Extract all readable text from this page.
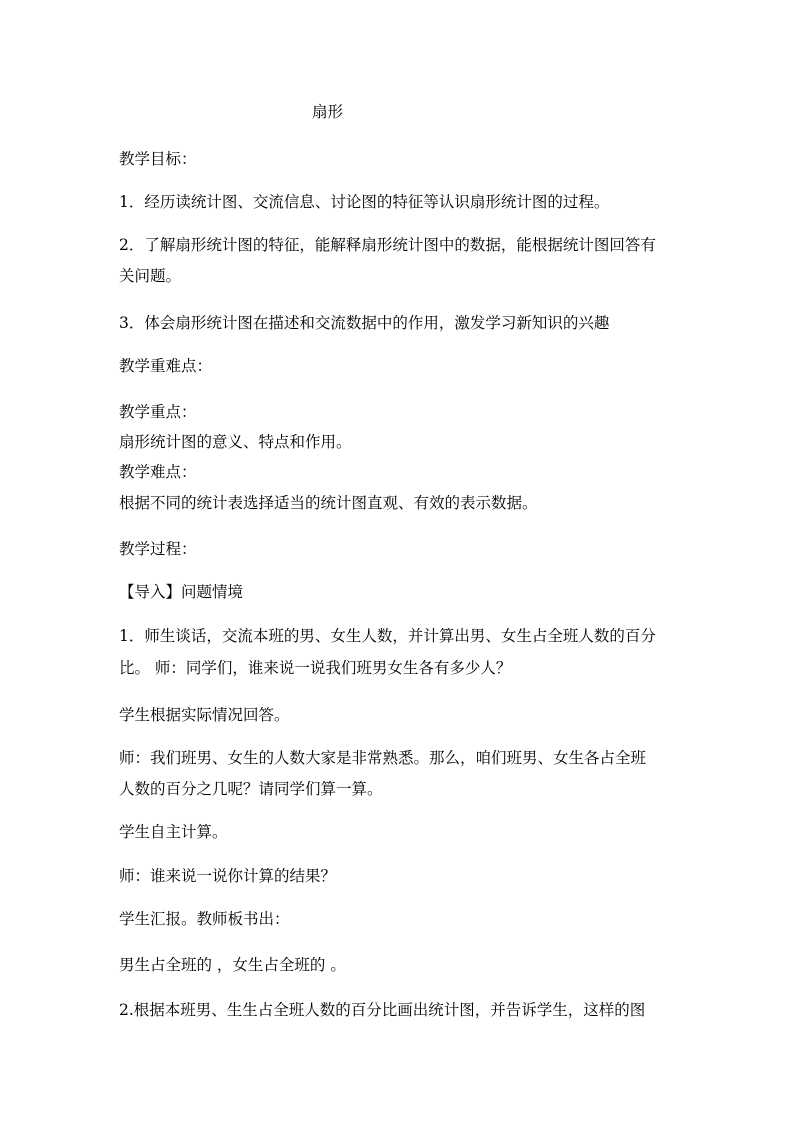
扇形
教学目标：
1．经历读统计图、交流信息、讨论图的特征等认识扇形统计图的过程。
2．了解扇形统计图的特征，能解释扇形统计图中的数据，能根据统计图回答有
关问题。
3．体会扇形统计图在描述和交流数据中的作用，激发学习新知识的兴趣
教学重难点：
教学重点：
扇形统计图的意义、特点和作用。
教学难点：
根据不同的统计表选择适当的统计图直观、有效的表示数据。
教学过程：
【导入】问题情境
1．师生谈话，交流本班的男、女生人数，并计算出男、女生占全班人数的百分
比。 师：同学们，谁来说一说我们班男女生各有多少人？
学生根据实际情况回答。
师：我们班男、女生的人数大家是非常熟悉。那么，咱们班男、女生各占全班
人数的百分之几呢？请同学们算一算。
学生自主计算。
师：谁来说一说你计算的结果？
学生汇报。教师板书出：
男生占全班的 ，女生占全班的 。
2.根据本班男、生生占全班人数的百分比画出统计图，并告诉学生，这样的图
